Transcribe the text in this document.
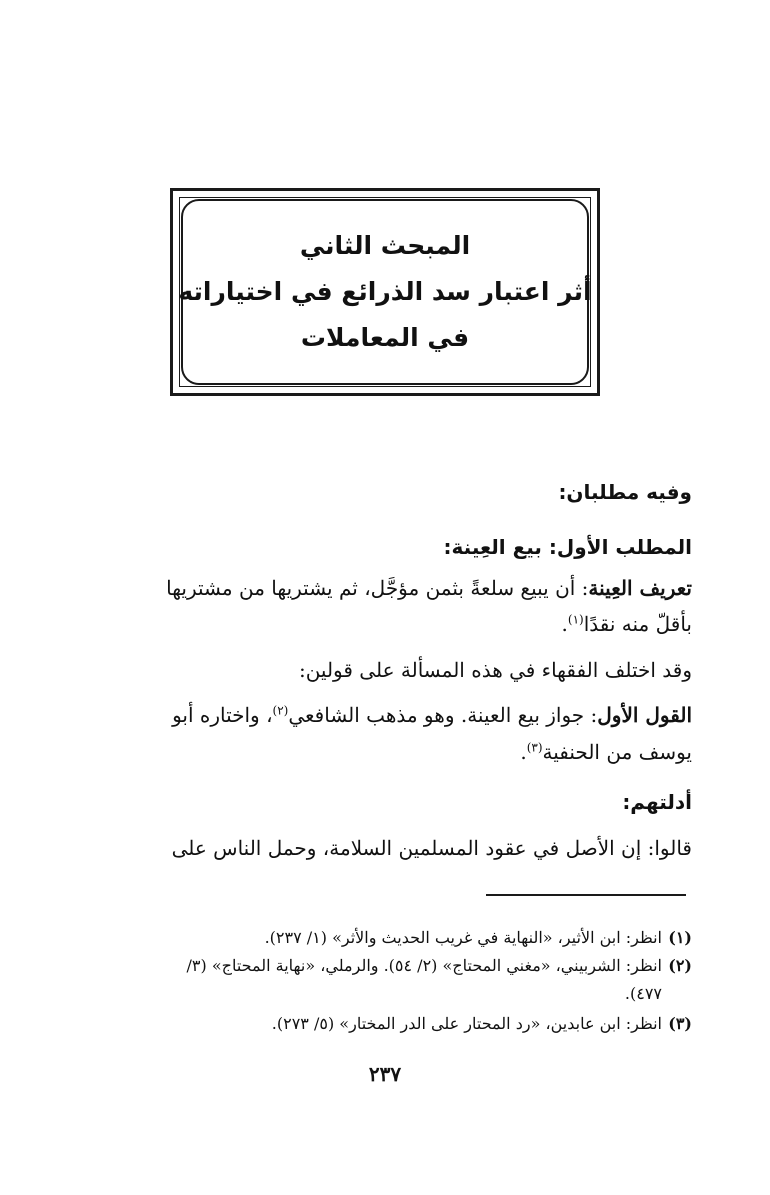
المبحث الثاني
أثر اعتبار سد الذرائع في اختياراته
في المعاملات
وفيه مطلبان:
المطلب الأول: بيع العِينة:
تعريف العِينة: أن يبيع سلعةً بثمن مؤجَّل، ثم يشتريها من مشتريها
بأقلّ منه نقدًا$^{(١)}$.
وقد اختلف الفقهاء في هذه المسألة على قولين:
القول الأول: جواز بيع العينة. وهو مذهب الشافعي$^{(٢)}$، واختاره أبو
يوسف من الحنفية$^{(٣)}$.
أدلتهم:
قالوا: إن الأصل في عقود المسلمين السلامة، وحمل الناس على
(١)انظر: ابن الأثير، «النهاية في غريب الحديث والأثر» (١/ ٢٣٧).
(٢)انظر: الشربيني، «مغني المحتاج» (٢/ ٥٤). والرملي، «نهاية المحتاج» (٣/
٤٧٧).
(٣)انظر: ابن عابدين، «رد المحتار على الدر المختار» (٥/ ٢٧٣).
٢٣٧
